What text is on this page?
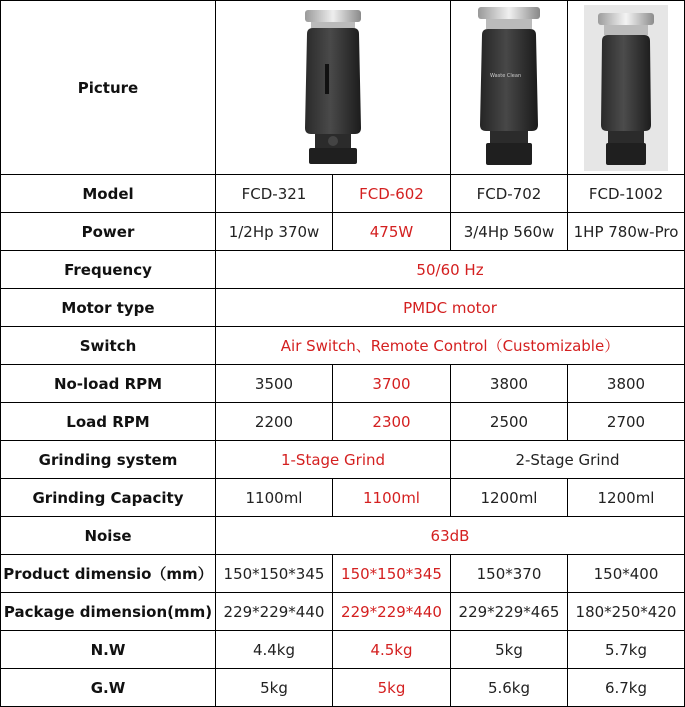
Picture			Waste Clean

Model	FCD-321	FCD-602	FCD-702	FCD-1002
Power	1/2Hp 370w	475W	3/4Hp 560w	1HP 780w-Pro
Frequency	50/60 Hz			
Motor type	PMDC motor			
Switch	Air Switch、Remote Control（Customizable）			
No-load RPM	3500	3700	3800	3800
Load RPM	2200	2300	2500	2700
Grinding system	1-Stage Grind		2-Stage Grind	
Grinding Capacity	1100ml	1100ml	1200ml	1200ml
Noise	63dB			
Product dimensio（mm）	150*150*345	150*150*345	150*370	150*400
Package dimension(mm)	229*229*440	229*229*440	229*229*465	180*250*420
N.W	4.4kg	4.5kg	5kg	5.7kg
G.W	5kg	5kg	5.6kg	6.7kg
